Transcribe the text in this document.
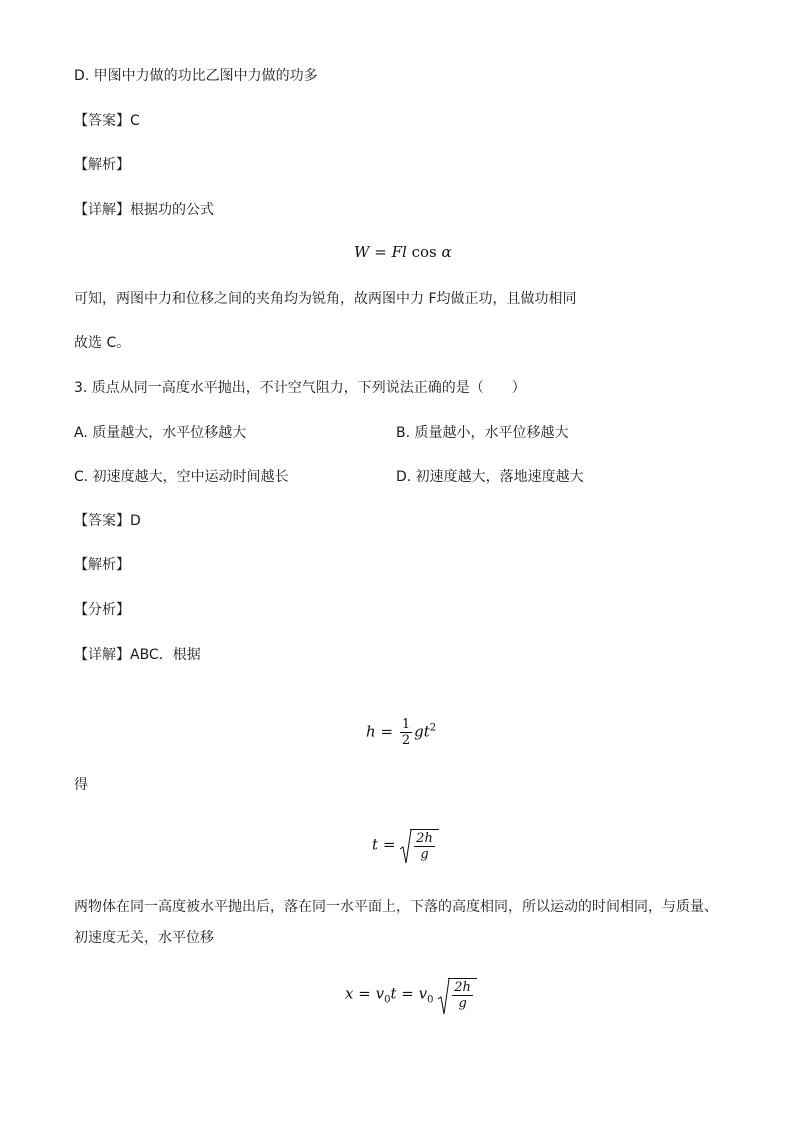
D. 甲图中力做的功比乙图中力做的功多
【答案】C
【解析】
【详解】根据功的公式
W = Fl cos α
可知，两图中力和位移之间的夹角均为锐角，故两图中力 F均做正功，且做功相同
故选 C。
3. 质点从同一高度水平抛出，不计空气阻力，下列说法正确的是（　　）
A. 质量越大，水平位移越大	B. 质量越小，水平位移越大
C. 初速度越大，空中运动时间越长	D. 初速度越大，落地速度越大
【答案】D
【解析】
【分析】
【详解】ABC．根据
$h = \frac{1}{2} gt^2$
得
$t = \frac{2h}{g}$
两物体在同一高度被水平抛出后，落在同一水平面上，下落的高度相同，所以运动的时间相同，与质量、
初速度无关，水平位移
$x = v_0t = v_0 \frac{2h}{g}$
